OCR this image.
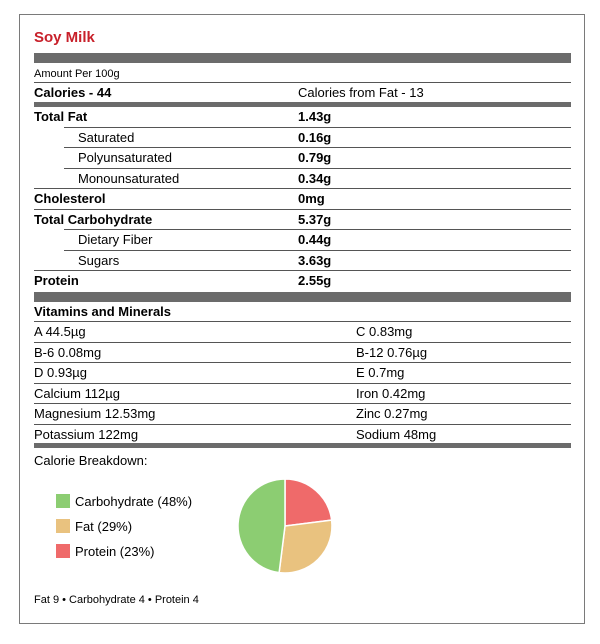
Soy Milk
Amount Per 100g
Calories - 44	Calories from Fat - 13
Total Fat	1.43g
Saturated	0.16g
Polyunsaturated	0.79g
Monounsaturated	0.34g
Cholesterol	0mg
Total Carbohydrate	5.37g
Dietary Fiber	0.44g
Sugars	3.63g
Protein	2.55g
Vitamins and Minerals
A 44.5µg	C 0.83mg
B-6 0.08mg	B-12 0.76µg
D 0.93µg	E 0.7mg
Calcium 112µg	Iron 0.42mg
Magnesium 12.53mg	Zinc 0.27mg
Potassium 122mg	Sodium 48mg
Calorie Breakdown:
Carbohydrate (48%)
Fat (29%)
Protein (23%)
Fat 9 • Carbohydrate 4 • Protein 4
